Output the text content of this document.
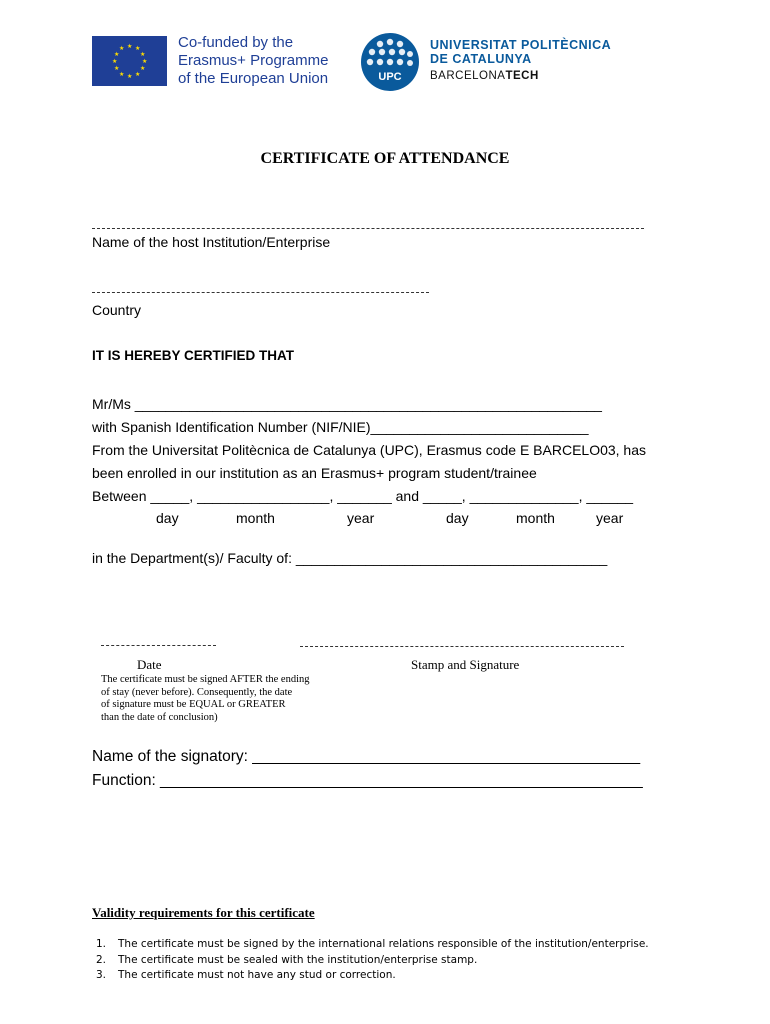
★ ★
★
★
★
★
★
★
★
★
★
★	Co-funded by the
Erasmus+ Programme
of the European Union	UPC
UNIVERSITAT POLITÈCNICA
DE CATALUNYA
BARCELONATECH
CERTIFICATE OF ATTENDANCE
Name of the host Institution/Enterprise
Country
IT IS HEREBY CERTIFIED THAT
Mr/Ms ____________________________________________________________
with Spanish Identification Number (NIF/NIE)____________________________
From the Universitat Politècnica de Catalunya (UPC), Erasmus code E BARCELO03, has
been enrolled in our institution as an Erasmus+ program student/trainee
Between _____, _________________, _______ and _____, ______________, ______
day	month	year	day	month	year
in the Department(s)/ Faculty of: ________________________________________
Date	Stamp and Signature
The certificate must be signed AFTER the ending
of stay (never before). Consequently, the date
of signature must be EQUAL or GREATER
than the date of conclusion)
Name of the signatory: _____________________________________________
Function: ________________________________________________________
Validity requirements for this certificate
1. The certificate must be signed by the international relations responsible of the institution/enterprise.
2. The certificate must be sealed with the institution/enterprise stamp.
3. The certificate must not have any stud or correction.
